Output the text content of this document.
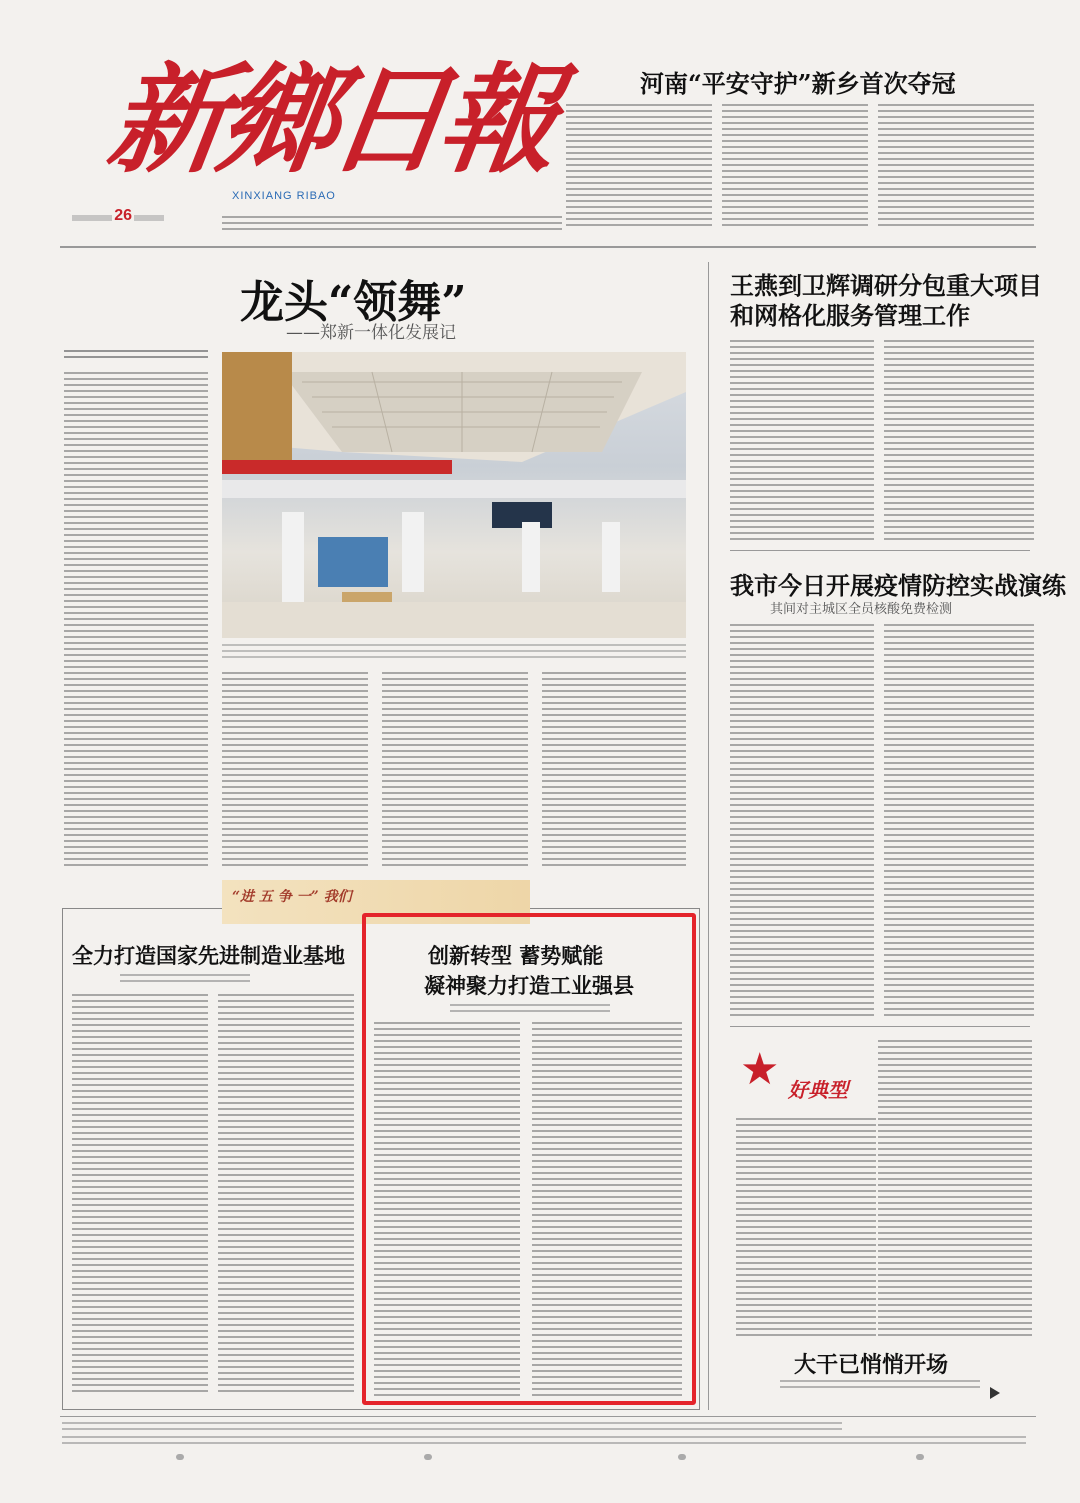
新鄉日報
XINXIANG RIBAO
26
河南“平安守护”新乡首次夺冠
龙头“领舞”
——郑新一体化发展记
王燕到卫辉调研分包重大项目
和网格化服务管理工作
我市今日开展疫情防控实战演练
其间对主城区全员核酸免费检测
“进 五 争 一” 我们
全力打造国家先进制造业基地	创新转型 蓄势赋能
凝神聚力打造工业强县
★ 好典型
大干已悄悄开场
